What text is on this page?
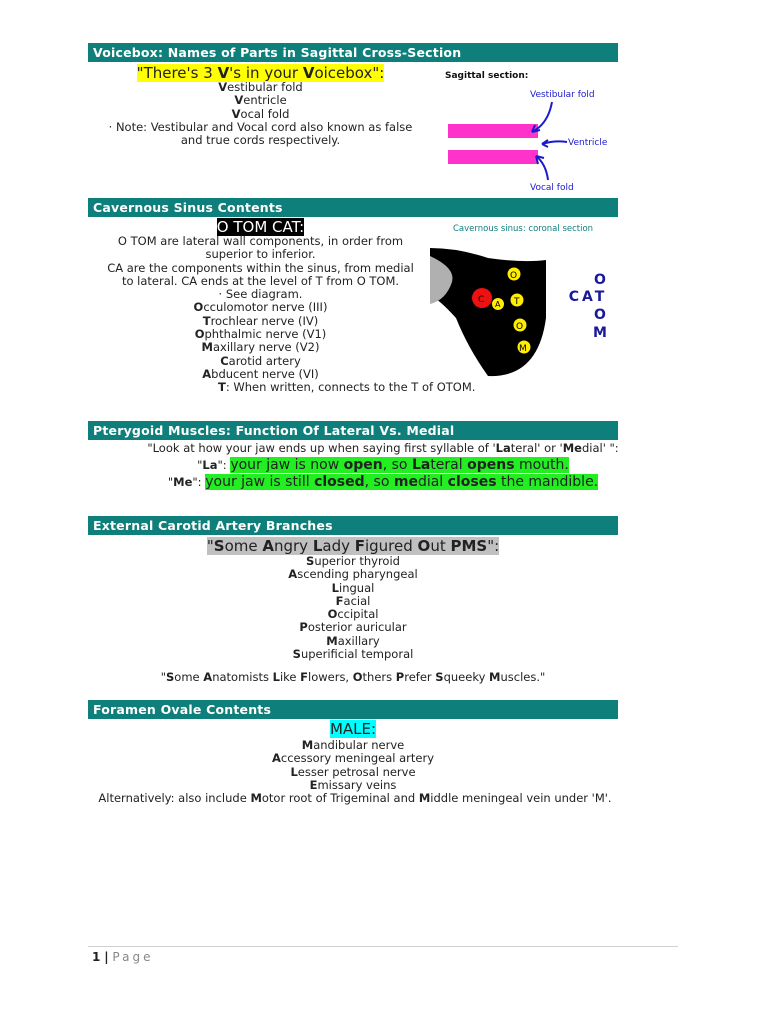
Voicebox: Names of Parts in Sagittal Cross-Section
"There's 3 V's in your Voicebox":
Vestibular fold
Ventricle
Vocal fold
· Note: Vestibular and Vocal cord also known as false
and true cords respectively.
Sagittal section:
Vestibular fold
Ventricle
Vocal fold
Cavernous Sinus Contents
O TOM CAT:
O TOM are lateral wall components, in order from
superior to inferior.
CA are the components within the sinus, from medial
to lateral. CA ends at the level of T from O TOM.
· See diagram.
Occulomotor nerve (III)
Trochlear nerve (IV)
Ophthalmic nerve (V1)
Maxillary nerve (V2)
Carotid artery
Abducent nerve (VI)
T: When written, connects to the T of OTOM.
Cavernous sinus: coronal section
C A
O
T
O
M
O
CAT
O
M
Pterygoid Muscles: Function Of Lateral Vs. Medial
"Look at how your jaw ends up when saying first syllable of 'Lateral' or 'Medial' ":
"La": your jaw is now open, so Lateral opens mouth.
"Me": your jaw is still closed, so medial closes the mandible.
External Carotid Artery Branches
"Some Angry Lady Figured Out PMS":
Superior thyroid
Ascending pharyngeal
Lingual
Facial
Occipital
Posterior auricular
Maxillary
Superificial temporal
"Some Anatomists Like Flowers, Others Prefer Squeeky Muscles."
Foramen Ovale Contents
MALE:
Mandibular nerve
Accessory meningeal artery
Lesser petrosal nerve
Emissary veins
Alternatively: also include Motor root of Trigeminal and Middle meningeal vein under 'M'.
1 | Page
